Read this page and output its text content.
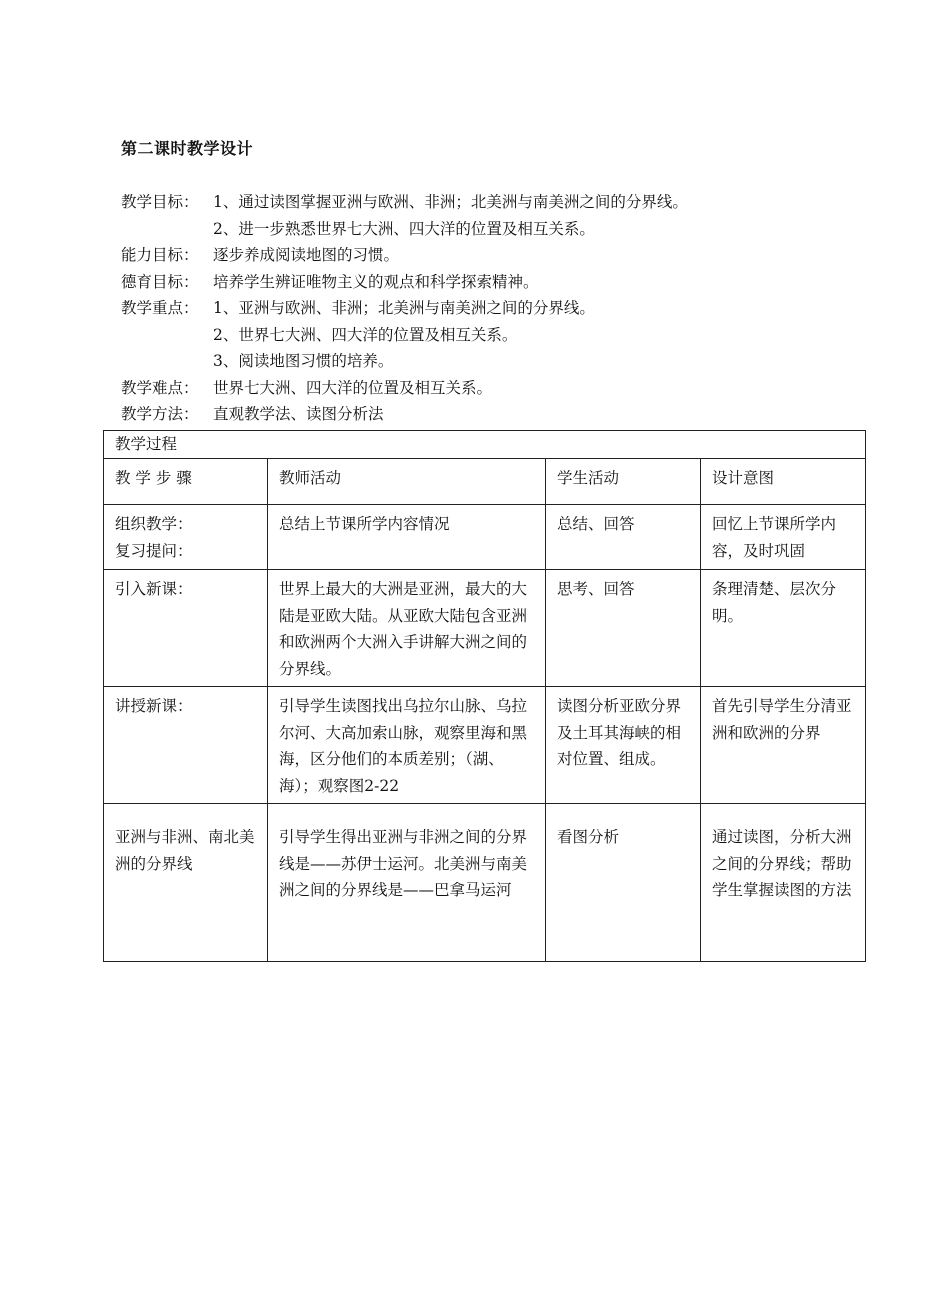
第二课时教学设计
教学目标： 1、通过读图掌握亚洲与欧洲、非洲；北美洲与南美洲之间的分界线。
2、进一步熟悉世界七大洲、四大洋的位置及相互关系。
能力目标： 逐步养成阅读地图的习惯。
德育目标： 培养学生辨证唯物主义的观点和科学探索精神。
教学重点： 1、亚洲与欧洲、非洲；北美洲与南美洲之间的分界线。
2、世界七大洲、四大洋的位置及相互关系。
3、阅读地图习惯的培养。
教学难点： 世界七大洲、四大洋的位置及相互关系。
教学方法： 直观教学法、读图分析法
教学过程			
教 学 步 骤	教师活动	学生活动	设计意图
组织教学：
复习提问：	总结上节课所学内容情况	总结、回答	回忆上节课所学内容，及时巩固
引入新课：	世界上最大的大洲是亚洲，最大的大陆是亚欧大陆。从亚欧大陆包含亚洲和欧洲两个大洲入手讲解大洲之间的分界线。	思考、回答	条理清楚、层次分明。
讲授新课：	引导学生读图找出乌拉尔山脉、乌拉尔河、大高加索山脉，观察里海和黑海，区分他们的本质差别；（湖、海）；观察图2-22	读图分析亚欧分界及土耳其海峡的相对位置、组成。	首先引导学生分清亚洲和欧洲的分界
亚洲与非洲、南北美洲的分界线	引导学生得出亚洲与非洲之间的分界线是——苏伊士运河。北美洲与南美洲之间的分界线是——巴拿马运河	看图分析	通过读图，分析大洲之间的分界线；帮助学生掌握读图的方法
